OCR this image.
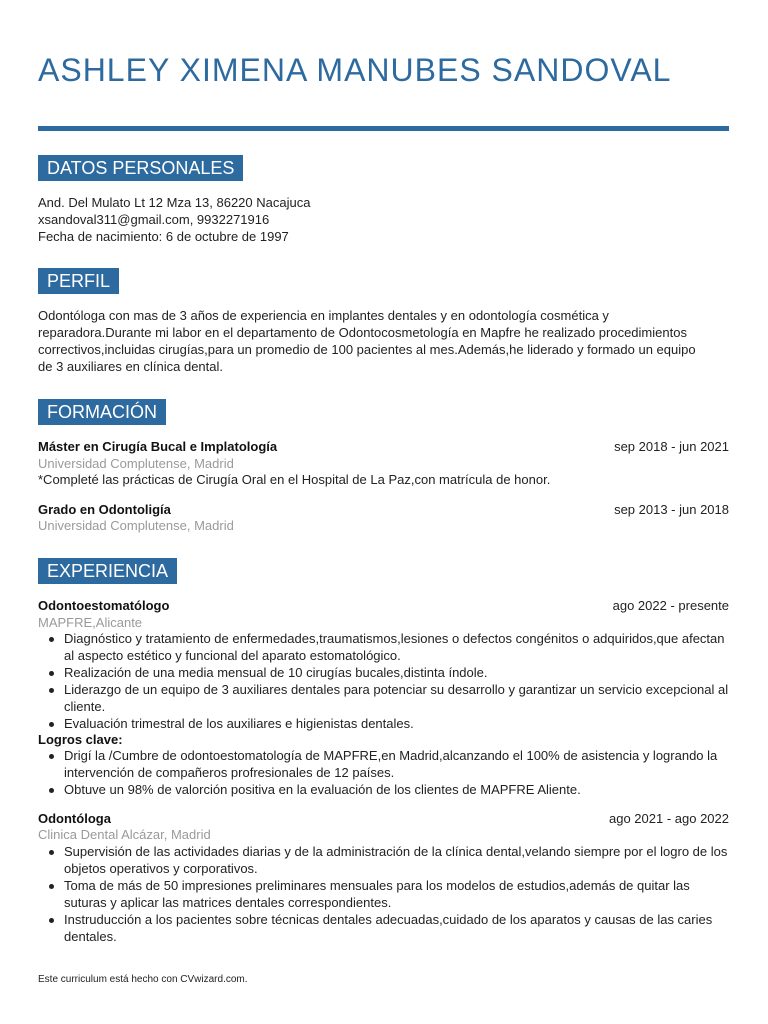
ASHLEY XIMENA MANUBES SANDOVAL
DATOS PERSONALES
And. Del Mulato Lt 12 Mza 13, 86220 Nacajuca
xsandoval311@gmail.com, 9932271916
Fecha de nacimiento: 6 de octubre de 1997
PERFIL
Odontóloga con mas de 3 años de experiencia en implantes dentales y en odontología cosmética y reparadora.Durante mi labor en el departamento de Odontocosmetología en Mapfre he realizado procedimientos correctivos,incluidas cirugías,para un promedio de 100 pacientes al mes.Además,he liderado y formado un equipo de 3 auxiliares en clínica dental.
FORMACIÓN
Máster en Cirugía Bucal e Implatología	sep 2018 - jun 2021
Universidad Complutense, Madrid
*Completé las prácticas de Cirugía Oral en el Hospital de La Paz,con matrícula de honor.
Grado en Odontoligía	sep 2013 - jun 2018
Universidad Complutense, Madrid
EXPERIENCIA
Odontoestomatólogo	ago 2022 - presente
MAPFRE,Alicante
Diagnóstico y tratamiento de enfermedades,traumatismos,lesiones o defectos congénitos o adquiridos,que afectan al aspecto estético y funcional del aparato estomatológico.
Realización de una media mensual de 10 cirugías bucales,distinta índole.
Liderazgo de un equipo de 3 auxiliares dentales para potenciar su desarrollo y garantizar un servicio excepcional al cliente.
Evaluación trimestral de los auxiliares e higienistas dentales.
Logros clave:
Drigí la /Cumbre de odontoestomatología de MAPFRE,en Madrid,alcanzando el 100% de asistencia y logrando la intervención de compañeros profresionales de 12 países.
Obtuve un 98% de valorción positiva en la evaluación de los clientes de MAPFRE Aliente.
Odontóloga	ago 2021 - ago 2022
Clinica Dental Alcázar, Madrid
Supervisión de las actividades diarias y de la administración de la clínica dental,velando siempre por el logro de los objetos operativos y corporativos.
Toma de más de 50 impresiones preliminares mensuales para los modelos de estudios,además de quitar las suturas y aplicar las matrices dentales correspondientes.
Instruducción a los pacientes sobre técnicas dentales adecuadas,cuidado de los aparatos y causas de las caries dentales.
Este curriculum está hecho con CVwizard.com.
